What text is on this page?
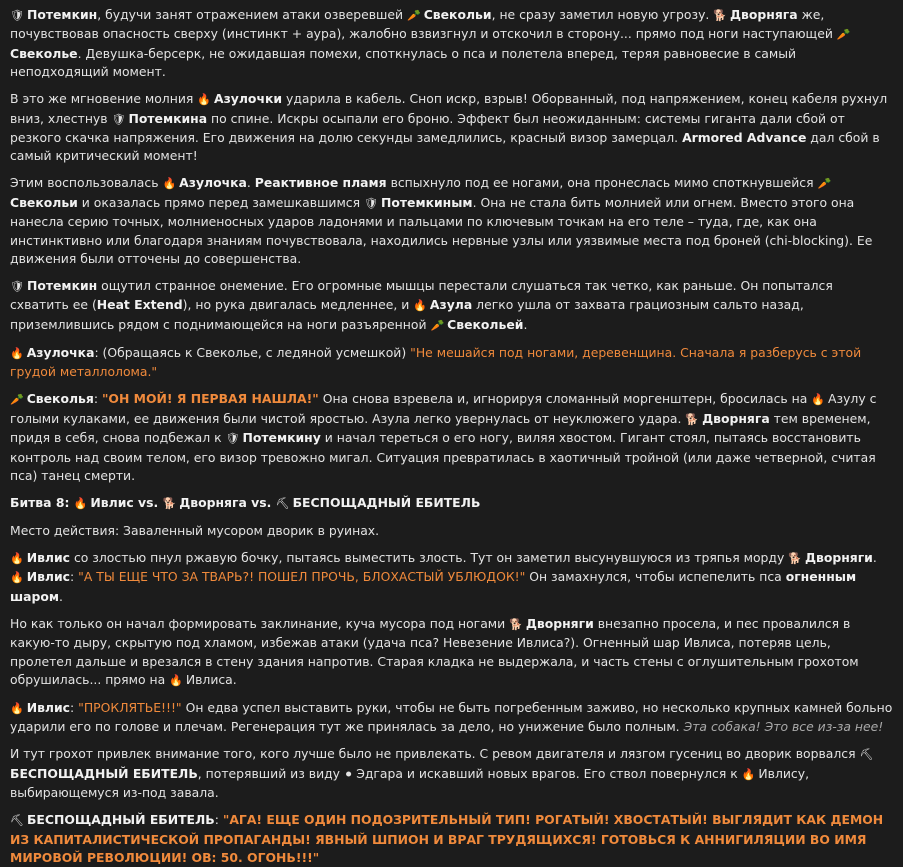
🛡 Потемкин, будучи занят отражением атаки озверевшей 🥕 Свекольи, не сразу заметил новую угрозу. 🐕 Дворняга же, почувствовав опасность сверху (инстинкт + аура), жалобно взвизгнул и отскочил в сторону... прямо под ноги наступающей 🥕Свекольe. Девушка-берсерк, не ожидавшая помехи, споткнулась о пса и полетела вперед, теряя равновесие в самый неподходящий момент.
В это же мгновение молния 🔥 Азулочки ударила в кабель. Сноп искр, взрыв! Оборванный, под напряжением, конец кабеля рухнул вниз, хлестнув 🛡 Потемкина по спине. Искры осыпали его броню. Эффект был неожиданным: системы гиганта дали сбой от резкого скачка напряжения. Его движения на долю секунды замедлились, красный визор замерцал. Armored Advance дал сбой в самый критический момент!
Этим воспользовалась 🔥 Азулочка. Реактивное пламя вспыхнуло под ее ногами, она пронеслась мимо споткнувшейся 🥕Свекольи и оказалась прямо перед замешкавшимся 🛡 Потемкиным. Она не стала бить молнией или огнем. Вместо этого она нанесла серию точных, молниеносных ударов ладонями и пальцами по ключевым точкам на его теле – туда, где, как она инстинктивно или благодаря знаниям почувствовала, находились нервные узлы или уязвимые места под броней (chi-blocking). Ее движения были отточены до совершенства.
🛡 Потемкин ощутил странное онемение. Его огромные мышцы перестали слушаться так четко, как раньше. Он попытался схватить ее (Heat Extend), но рука двигалась медленнее, и 🔥 Азула легко ушла от захвата грациозным сальто назад, приземлившись рядом с поднимающейся на ноги разъяренной 🥕 Свекольей.
🔥 Азулочка: (Обращаясь к Свеколье, с ледяной усмешкой) "Не мешайся под ногами, деревенщина. Сначала я разберусь с этой грудой металлолома."
🥕 Свеколья: "ОН МОЙ! Я ПЕРВАЯ НАШЛА!" Она снова взревела и, игнорируя сломанный моргенштерн, бросилась на 🔥 Азулу с голыми кулаками, ее движения были чистой яростью. Азула легко увернулась от неуклюжего удара. 🐕 Дворняга тем временем, придя в себя, снова подбежал к 🛡 Потемкину и начал тереться о его ногу, виляя хвостом. Гигант стоял, пытаясь восстановить контроль над своим телом, его визор тревожно мигал. Ситуация превратилась в хаотичный тройной (или даже четверной, считая пса) танец смерти.
Битва 8: 🔥 Ивлис vs. 🐕 Дворняга vs. ⛏ БЕСПОЩАДНЫЙ ЕБИТЕЛЬ
Место действия: Заваленный мусором дворик в руинах.
🔥 Ивлис со злостью пнул ржавую бочку, пытаясь выместить злость. Тут он заметил высунувшуюся из тряпья морду 🐕 Дворняги.
🔥 Ивлис: "А ТЫ ЕЩЕ ЧТО ЗА ТВАРЬ?! ПОШЕЛ ПРОЧЬ, БЛОХАСТЫЙ УБЛЮДОК!" Он замахнулся, чтобы испепелить пса огненным шаром.
Но как только он начал формировать заклинание, куча мусора под ногами 🐕 Дворняги внезапно просела, и пес провалился в какую-то дыру, скрытую под хламом, избежав атаки (удача пса? Невезение Ивлиса?). Огненный шар Ивлиса, потеряв цель, пролетел дальше и врезался в стену здания напротив. Старая кладка не выдержала, и часть стены с оглушительным грохотом обрушилась... прямо на 🔥 Ивлиса.
🔥 Ивлис: "ПРОКЛЯТЬЕ!!!" Он едва успел выставить руки, чтобы не быть погребенным заживо, но несколько крупных камней больно ударили его по голове и плечам. Регенерация тут же принялась за дело, но унижение было полным. Эта собака! Это все из-за нее!
И тут грохот привлек внимание того, кого лучше было не привлекать. С ревом двигателя и лязгом гусениц во дворик ворвался ⛏БЕСПОЩАДНЫЙ ЕБИТЕЛЬ, потерявший из виду ⚫ Эдгара и искавший новых врагов. Его ствол повернулся к 🔥 Ивлису, выбирающемуся из-под завала.
⛏ БЕСПОЩАДНЫЙ ЕБИТЕЛЬ: "АГА! ЕЩЕ ОДИН ПОДОЗРИТЕЛЬНЫЙ ТИП! РОГАТЫЙ! ХВОСТАТЫЙ! ВЫГЛЯДИТ КАК ДЕМОН ИЗ КАПИТАЛИСТИЧЕСКОЙ ПРОПАГАНДЫ! ЯВНЫЙ ШПИОН И ВРАГ ТРУДЯЩИХСЯ! ГОТОВЬСЯ К АННИГИЛЯЦИИ ВО ИМЯ МИРОВОЙ РЕВОЛЮЦИИ! ОВ: 50. ОГОНЬ!!!"
